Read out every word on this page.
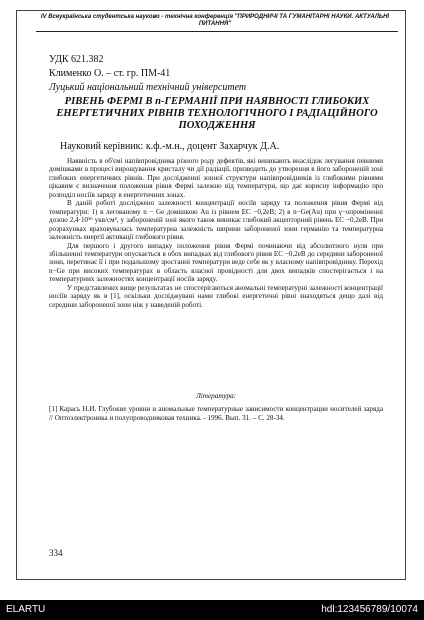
IV Всеукраїнська студентська науково - технічна конференція "ПРИРОДНИЧІ ТА ГУМАНІТАРНІ НАУКИ. АКТУАЛЬНІ ПИТАННЯ"
УДК 621.382
Клименко О. – ст. гр. ПМ-41
Луцький національний технічний університет
РІВЕНЬ ФЕРМІ В n-ГЕРМАНІЇ ПРИ НАЯВНОСТІ ГЛИБОКИХ ЕНЕРГЕТИЧНИХ РІВНІВ ТЕХНОЛОГІЧНОГО І РАДІАЦІЙНОГО ПОХОДЖЕННЯ
Науковий керівник: к.ф.-м.н., доцент Захарчук Д.А.

Наявність в об'ємі напівпровідника різного роду дефектів, які виникають внаслідок легування певними домішками в процесі вирощування кристалу чи дії радіації, призводить до утворення в його забороненій зоні глибоких енергетичних рівнів. При дослідженні зонної структури напівпровідників із глибокими рівнями цікавим є визначення положення рівня Фермі залежно від температури, що дає корисну інформацію про розподіл носіїв заряду в енергетичних зонах.

В даній роботі досліджено залежності концентрації носіїв заряду та положення рівня Фермі від температури: 1) в легованому n − Ge домішкою Au із рівнем EC −0,2eB; 2) в n−Ge(Au) при γ−опроміненні дозою 2,4·10¹⁶ укв/см², у забороненій зоні якого також виникає глибокий акцепторний рівень EC −0,2eB. При розрахунках враховувалась температурна залежність ширини забороненої зони германію та температурна залежність енергії активації глибокого рівня.

Для першого і другого випадку положення рівня Фермі починаючи від абсолютного нуля при збільшенні температури опускається в обох випадках від глибокого рівня EC −0,2eB до середини забороненої зони, перетинає її і при подальшому зростанні температури веде себе як у власному напівпровіднику. Перехід n−Ge при високих температурах в область власної провідності для двох випадків спостерігається і на температурних залежностях концентрації носіїв заряду.

У представлених вище результатах не спостерігаються аномальні температурні залежності концентрації носіїв заряду як в [1], оскільки досліджувані нами глибокі енергетичні рівні знаходяться дещо далі від середини забороненої зони ніж у наведеній роботі.

Література:
[1] Карась Н.И. Глубокие уровни и аномальные температурные зависимости концентрации носителей заряда // Оптоэлектроника и полупроводниковая техника. - 1996. Вып. 31. – С. 28-34.
334
ELARTU	hdl:123456789/10074
